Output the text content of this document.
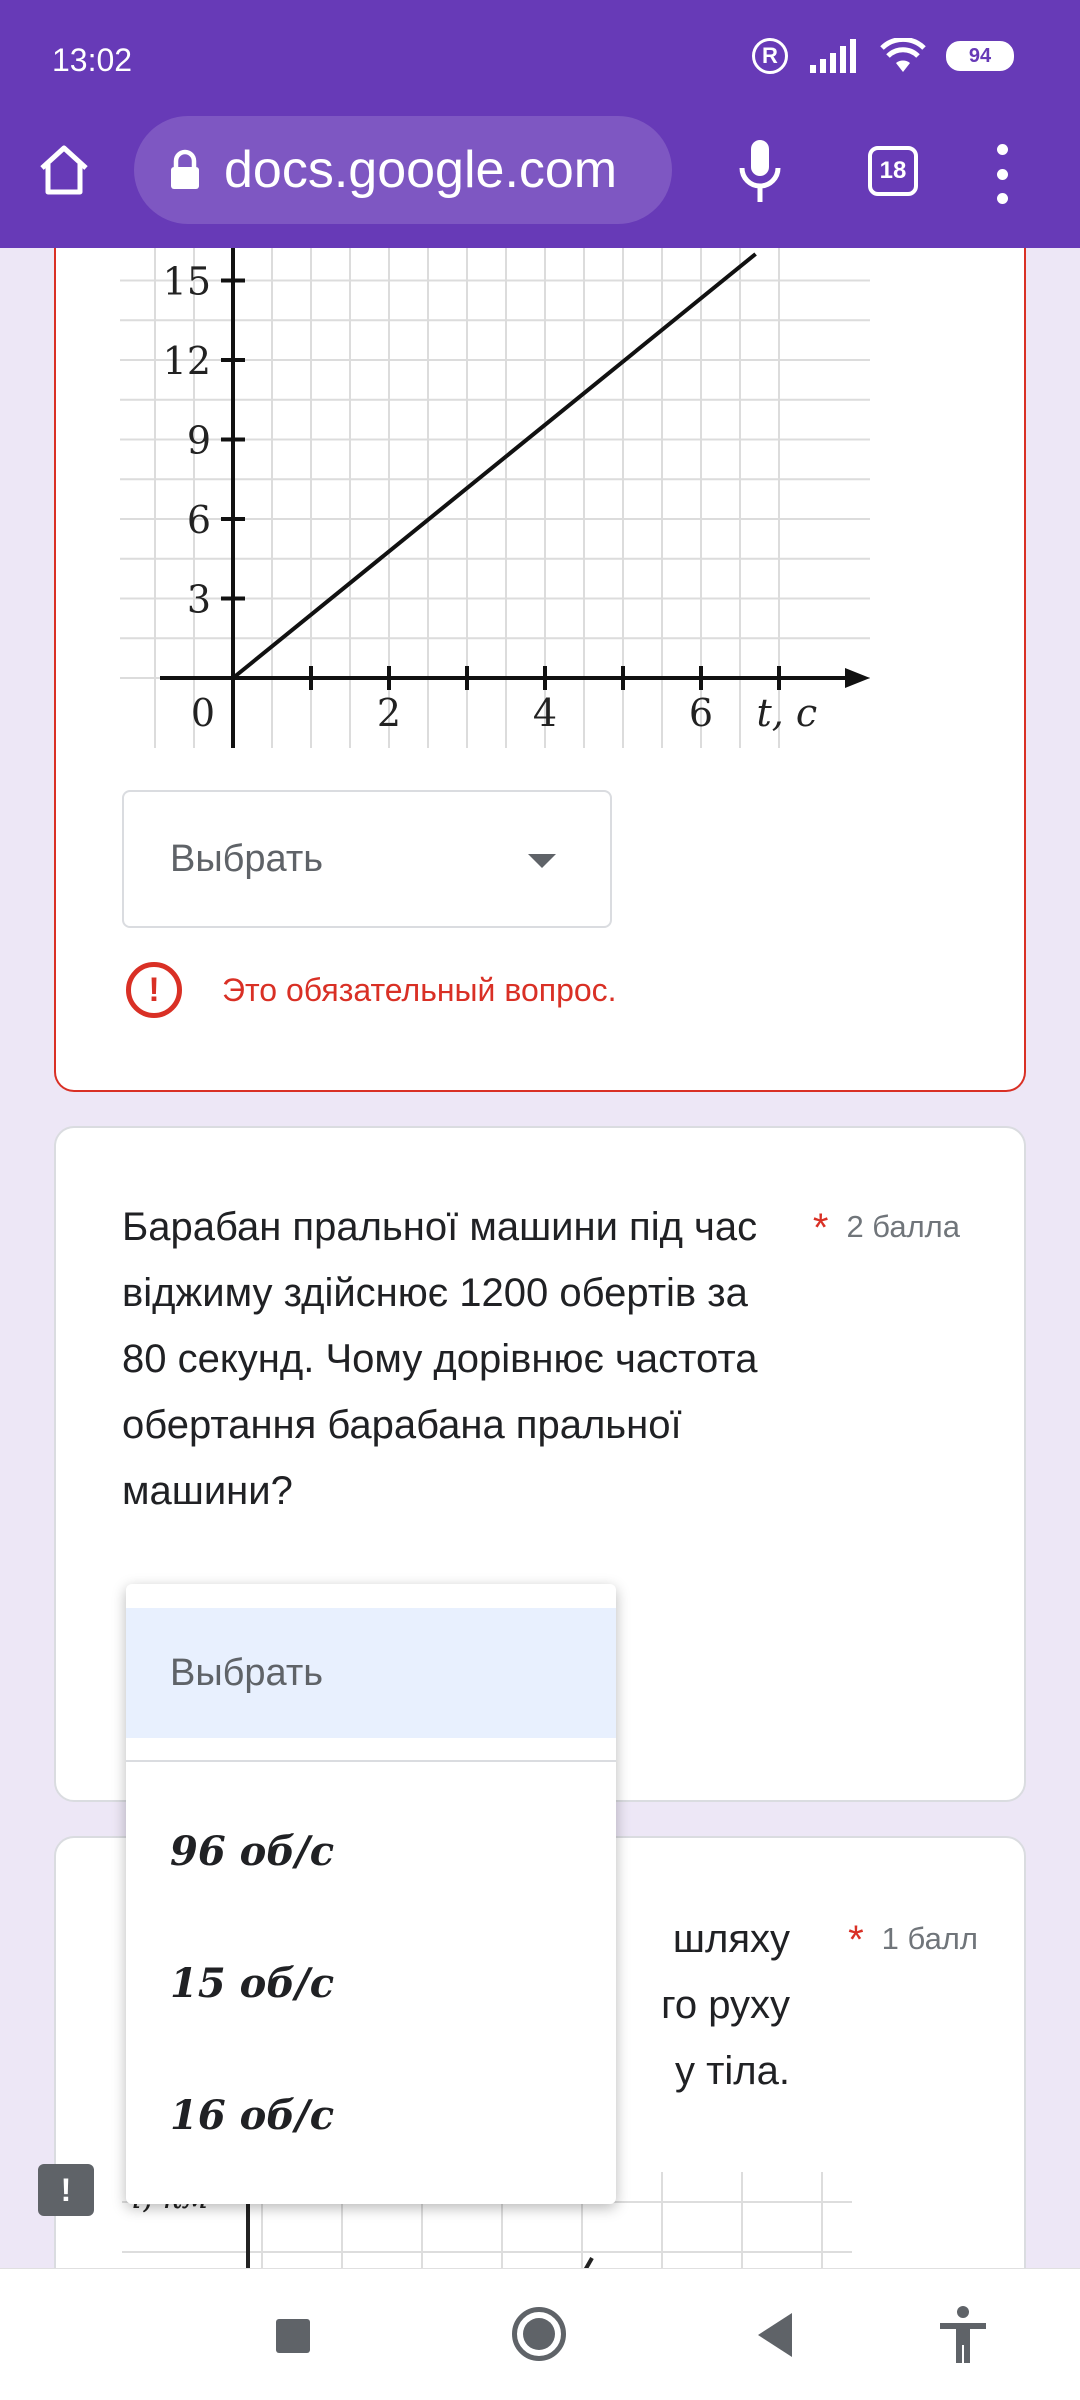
13:02	R	94
docs.google.com	18
15
12
9
6
3
0	2	4	6 t, c
Выбрать
!	Это обязательный вопрос.
Барабан пральної машини під час віджиму здійснює 1200 обертів за 80 секунд. Чому дорівнює частота обертання барабана пральної машини?
* 2 балла
шляху
го руху
у тіла.
* 1 балл
Выбрать
96 об/с
15 об/с
16 об/с
!
